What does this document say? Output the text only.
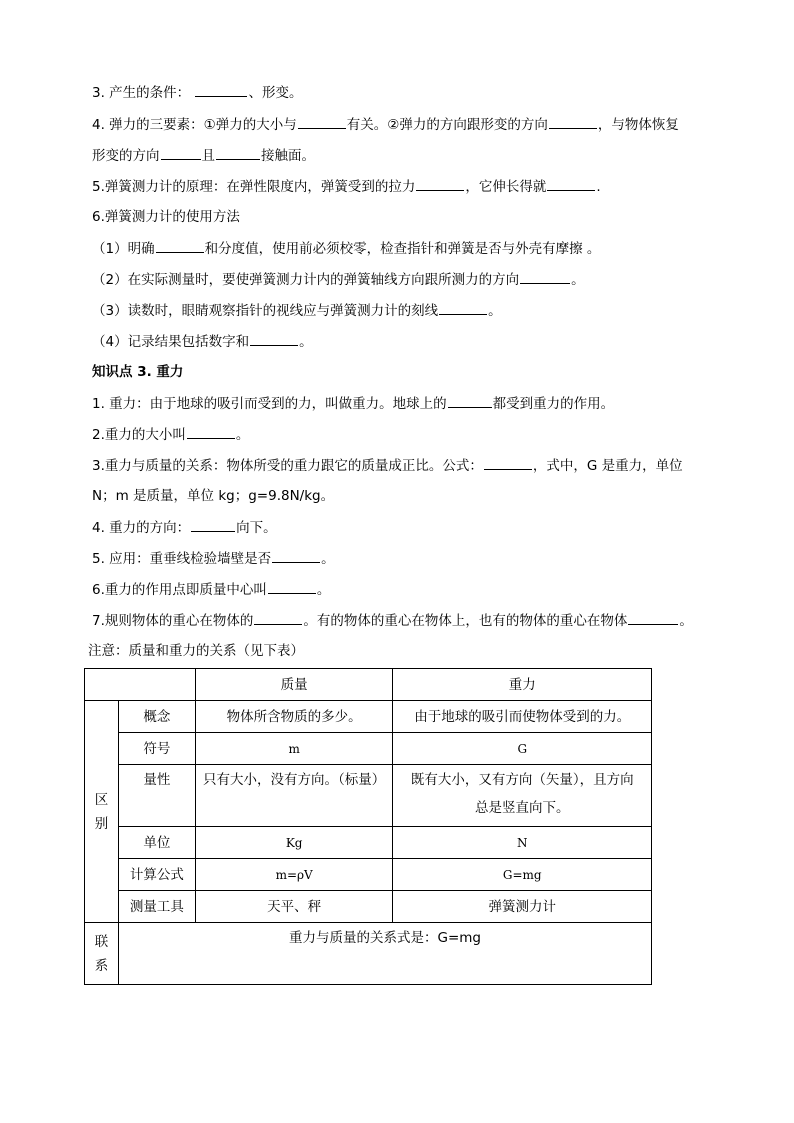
3. 产生的条件：	、形变。
4. 弹力的三要素：①弹力的大小与	有关。②弹力的方向跟形变的方向	，与物体恢复
形变的方向	且	接触面。
5.弹簧测力计的原理：在弹性限度内，弹簧受到的拉力	，它伸长得就	.
6.弹簧测力计的使用方法
（1）明确	和分度值，使用前必须校零，检查指针和弹簧是否与外壳有摩擦 。
（2）在实际测量时，要使弹簧测力计内的弹簧轴线方向跟所测力的方向	。
（3）读数时，眼睛观察指针的视线应与弹簧测力计的刻线	。
（4）记录结果包括数字和	。
知识点 3. 重力
1. 重力：由于地球的吸引而受到的力，叫做重力。地球上的	都受到重力的作用。
2.重力的大小叫	。
3.重力与质量的关系：物体所受的重力跟它的质量成正比。公式：	，式中，G 是重力，单位
N；m 是质量，单位 kg；g=9.8N/kg。
4. 重力的方向：	向下。
5. 应用：重垂线检验墙壁是否	。
6.重力的作用点即质量中心叫	。
7.规则物体的重心在物体的	。有的物体的重心在物体上，也有的物体的重心在物体	。
注意：质量和重力的关系（见下表）
		质量	重力

区
别	概念	物体所含物质的多少。	由于地球的吸引而使物体受到的力。
	符号	m	G
	量性	只有大小，没有方向。（标量）	既有大小，又有方向（矢量），且方向
总是竖直向下。

	单位	Kg	N
	计算公式	m=ρV	G=mg
	测量工具	天平、秤	弹簧测力计

联
系	重力与质量的关系式是：G=mg		
